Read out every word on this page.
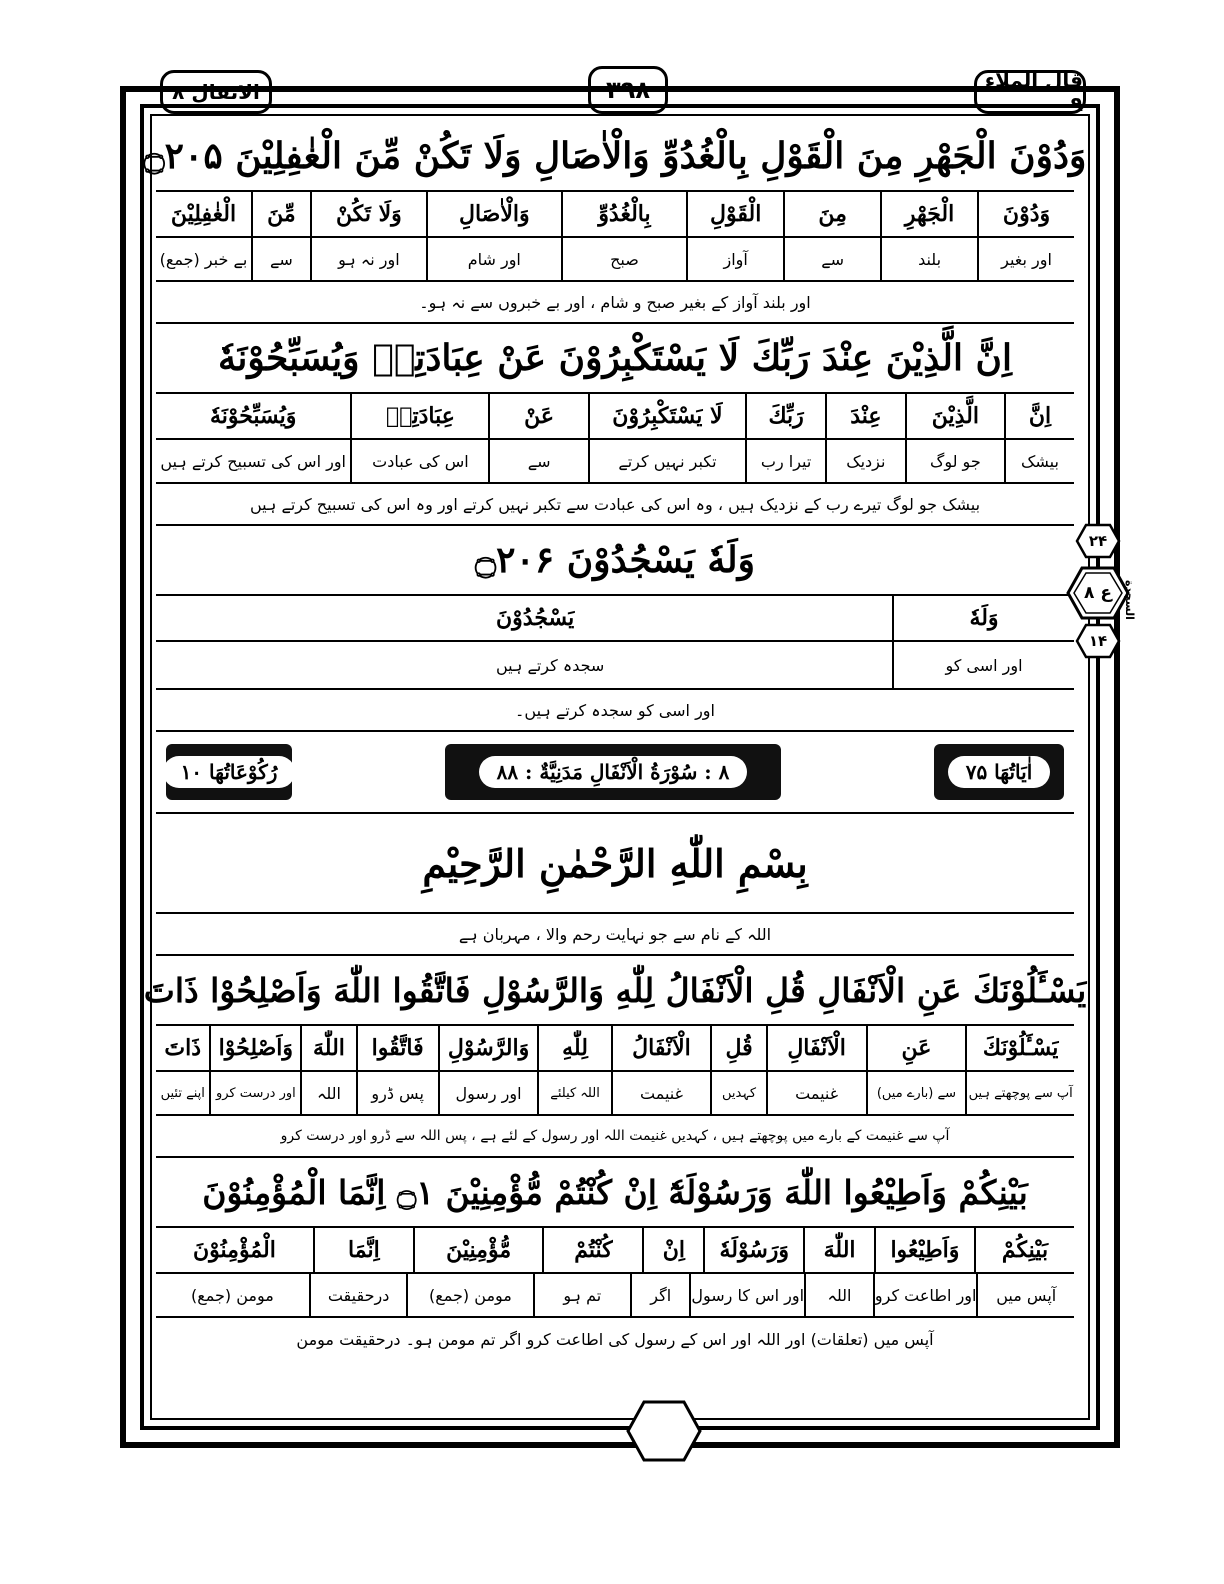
قال الملاء ۹
۳۹۸
الانفال ۸
وَدُوْنَ الْجَهْرِ مِنَ الْقَوْلِ بِالْغُدُوِّ وَالْاٰصَالِ وَلَا تَكُنْ مِّنَ الْغٰفِلِيْنَ ۝۲۰۵
وَدُوْنَ
الْجَهْرِ
مِنَ
الْقَوْلِ
بِالْغُدُوِّ
وَالْاٰصَالِ
وَلَا تَكُنْ
مِّنَ
الْغٰفِلِيْنَ
اور بغیر
بلند
سے
آواز
صبح
اور شام
اور نہ ہو
سے
بے خبر (جمع)
اور بلند آواز کے بغیر صبح و شام ، اور بے خبروں سے نہ ہو۔
اِنَّ الَّذِيْنَ عِنْدَ رَبِّكَ لَا يَسْتَكْبِرُوْنَ عَنْ عِبَادَتِهٖ وَيُسَبِّحُوْنَهٗ
اِنَّ
الَّذِيْنَ
عِنْدَ
رَبِّكَ
لَا يَسْتَكْبِرُوْنَ
عَنْ
عِبَادَتِهٖ
وَيُسَبِّحُوْنَهٗ
بیشک
جو لوگ
نزدیک
تیرا رب
تکبر نہیں کرتے
سے
اس کی عبادت
اور اس کی تسبیح کرتے ہیں
بیشک جو لوگ تیرے رب کے نزدیک ہیں ، وہ اس کی عبادت سے تکبر نہیں کرتے اور وہ اس کی تسبیح کرتے ہیں
وَلَهٗ يَسْجُدُوْنَ ۝۲۰۶
وَلَهٗ
يَسْجُدُوْنَ
اور اسی کو
سجدہ کرتے ہیں
اور اسی کو سجدہ کرتے ہیں۔
اٰيَاتُهَا ۷۵
۸ : سُوْرَةُ الْاَنْفَالِ مَدَنِيَّةٌ : ۸۸
رُكُوْعَاتُهَا ۱۰
بِسْمِ اللّٰهِ الرَّحْمٰنِ الرَّحِيْمِ
اللہ کے نام سے جو نہایت رحم والا ، مہربان ہے
يَسْـَٔلُوْنَكَ عَنِ الْاَنْفَالِ قُلِ الْاَنْفَالُ لِلّٰهِ وَالرَّسُوْلِ فَاتَّقُوا اللّٰهَ وَاَصْلِحُوْا ذَاتَ
يَسْـَٔلُوْنَكَ
عَنِ
الْاَنْفَالِ
قُلِ
الْاَنْفَالُ
لِلّٰهِ
وَالرَّسُوْلِ
فَاتَّقُوا
اللّٰهَ
وَاَصْلِحُوْا
ذَاتَ
آپ سے پوچھتے ہیں
سے (بارے میں)
غنیمت
کہدیں
غنیمت
اللہ کیلئے
اور رسول
پس ڈرو
اللہ
اور درست کرو
اپنے تئیں
آپ سے غنیمت کے بارے میں پوچھتے ہیں ، کہدیں غنیمت اللہ اور رسول کے لئے ہے ، پس اللہ سے ڈرو اور درست کرو
بَيْنِكُمْ وَاَطِيْعُوا اللّٰهَ وَرَسُوْلَهٗٓ اِنْ كُنْتُمْ مُّؤْمِنِيْنَ ۝۱ اِنَّمَا الْمُؤْمِنُوْنَ
بَيْنِكُمْ
وَاَطِيْعُوا
اللّٰهَ
وَرَسُوْلَهٗ
اِنْ
كُنْتُمْ
مُّؤْمِنِيْنَ
اِنَّمَا
الْمُؤْمِنُوْنَ
آپس میں
اور اطاعت کرو
اللہ
اور اس کا رسول
اگر
تم ہو
مومن (جمع)
درحقیقت
مومن (جمع)
آپس میں (تعلقات) اور اللہ اور اس کے رسول کی اطاعت کرو اگر تم مومن ہو۔ درحقیقت مومن
۲۴
ع ۸
۱۴
السجدة
